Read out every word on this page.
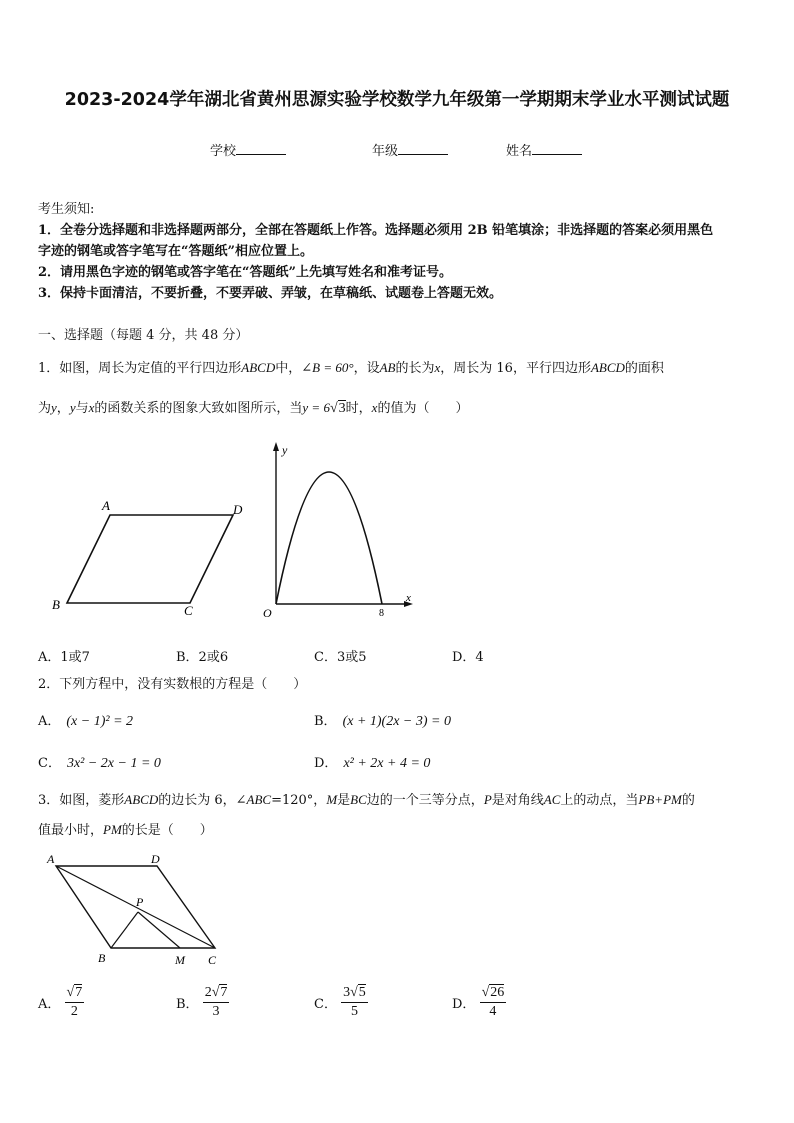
2023-2024学年湖北省黄州思源实验学校数学九年级第一学期期末学业水平测试试题
学校	年级	姓名
考生须知:
1．全卷分选择题和非选择题两部分，全部在答题纸上作答。选择题必须用 2B 铅笔填涂；非选择题的答案必须用黑色
字迹的钢笔或答字笔写在“答题纸”相应位置上。
2．请用黑色字迹的钢笔或答字笔在“答题纸”上先填写姓名和准考证号。
3．保持卡面清洁，不要折叠，不要弄破、弄皱，在草稿纸、试题卷上答题无效。
一、选择题（每题 4 分，共 48 分）
1．如图，周长为定值的平行四边形ABCD中，∠B = 60°，设AB的长为x，周长为 16，平行四边形ABCD的面积
为y，y与x的函数关系的图象大致如图所示，当y = 6√3时，x的值为（　　）
A	D
B	C
y
x
O	8
A．1或7	B．2或6	C．3或5	D．4
2．下列方程中，没有实数根的方程是（　　）
A． (x − 1)² = 2	B． (x + 1)(2x − 3) = 0
C． 3x² − 2x − 1 = 0	D． x² + 2x + 4 = 0
3．如图，菱形ABCD的边长为 6，∠ABC=120°，M是BC边的一个三等分点，P是对角线AC上的动点，当PB+PM的
值最小时，PM的长是（　　）
A	D
P
B	M C
A． $\frac{√7}{2}$	B． $\frac{2√7}{3}$	C． $\frac{3√5}{5}$	D． $\frac{√26}{4}$
